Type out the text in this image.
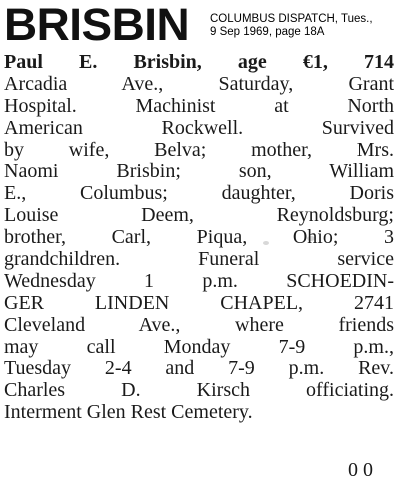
BRISBIN COLUMBUS DISPATCH, Tues.,
9 Sep 1969, page 18A
Paul E. Brisbin, age €1, 714
Arcadia Ave., Saturday, Grant
Hospital. Machinist at North
American Rockwell. Survived
by wife, Belva; mother, Mrs.
Naomi Brisbin; son, William
E., Columbus; daughter, Doris
Louise Deem, Reynoldsburg;
brother, Carl, Piqua, Ohio; 3
grandchildren. Funeral service
Wednesday 1 p.m. SCHOEDIN-
GER LINDEN CHAPEL, 2741
Cleveland Ave., where friends
may call Monday 7-9 p.m.,
Tuesday 2-4 and 7-9 p.m. Rev.
Charles D. Kirsch officiating.
Interment Glen Rest Cemetery.
0 0
